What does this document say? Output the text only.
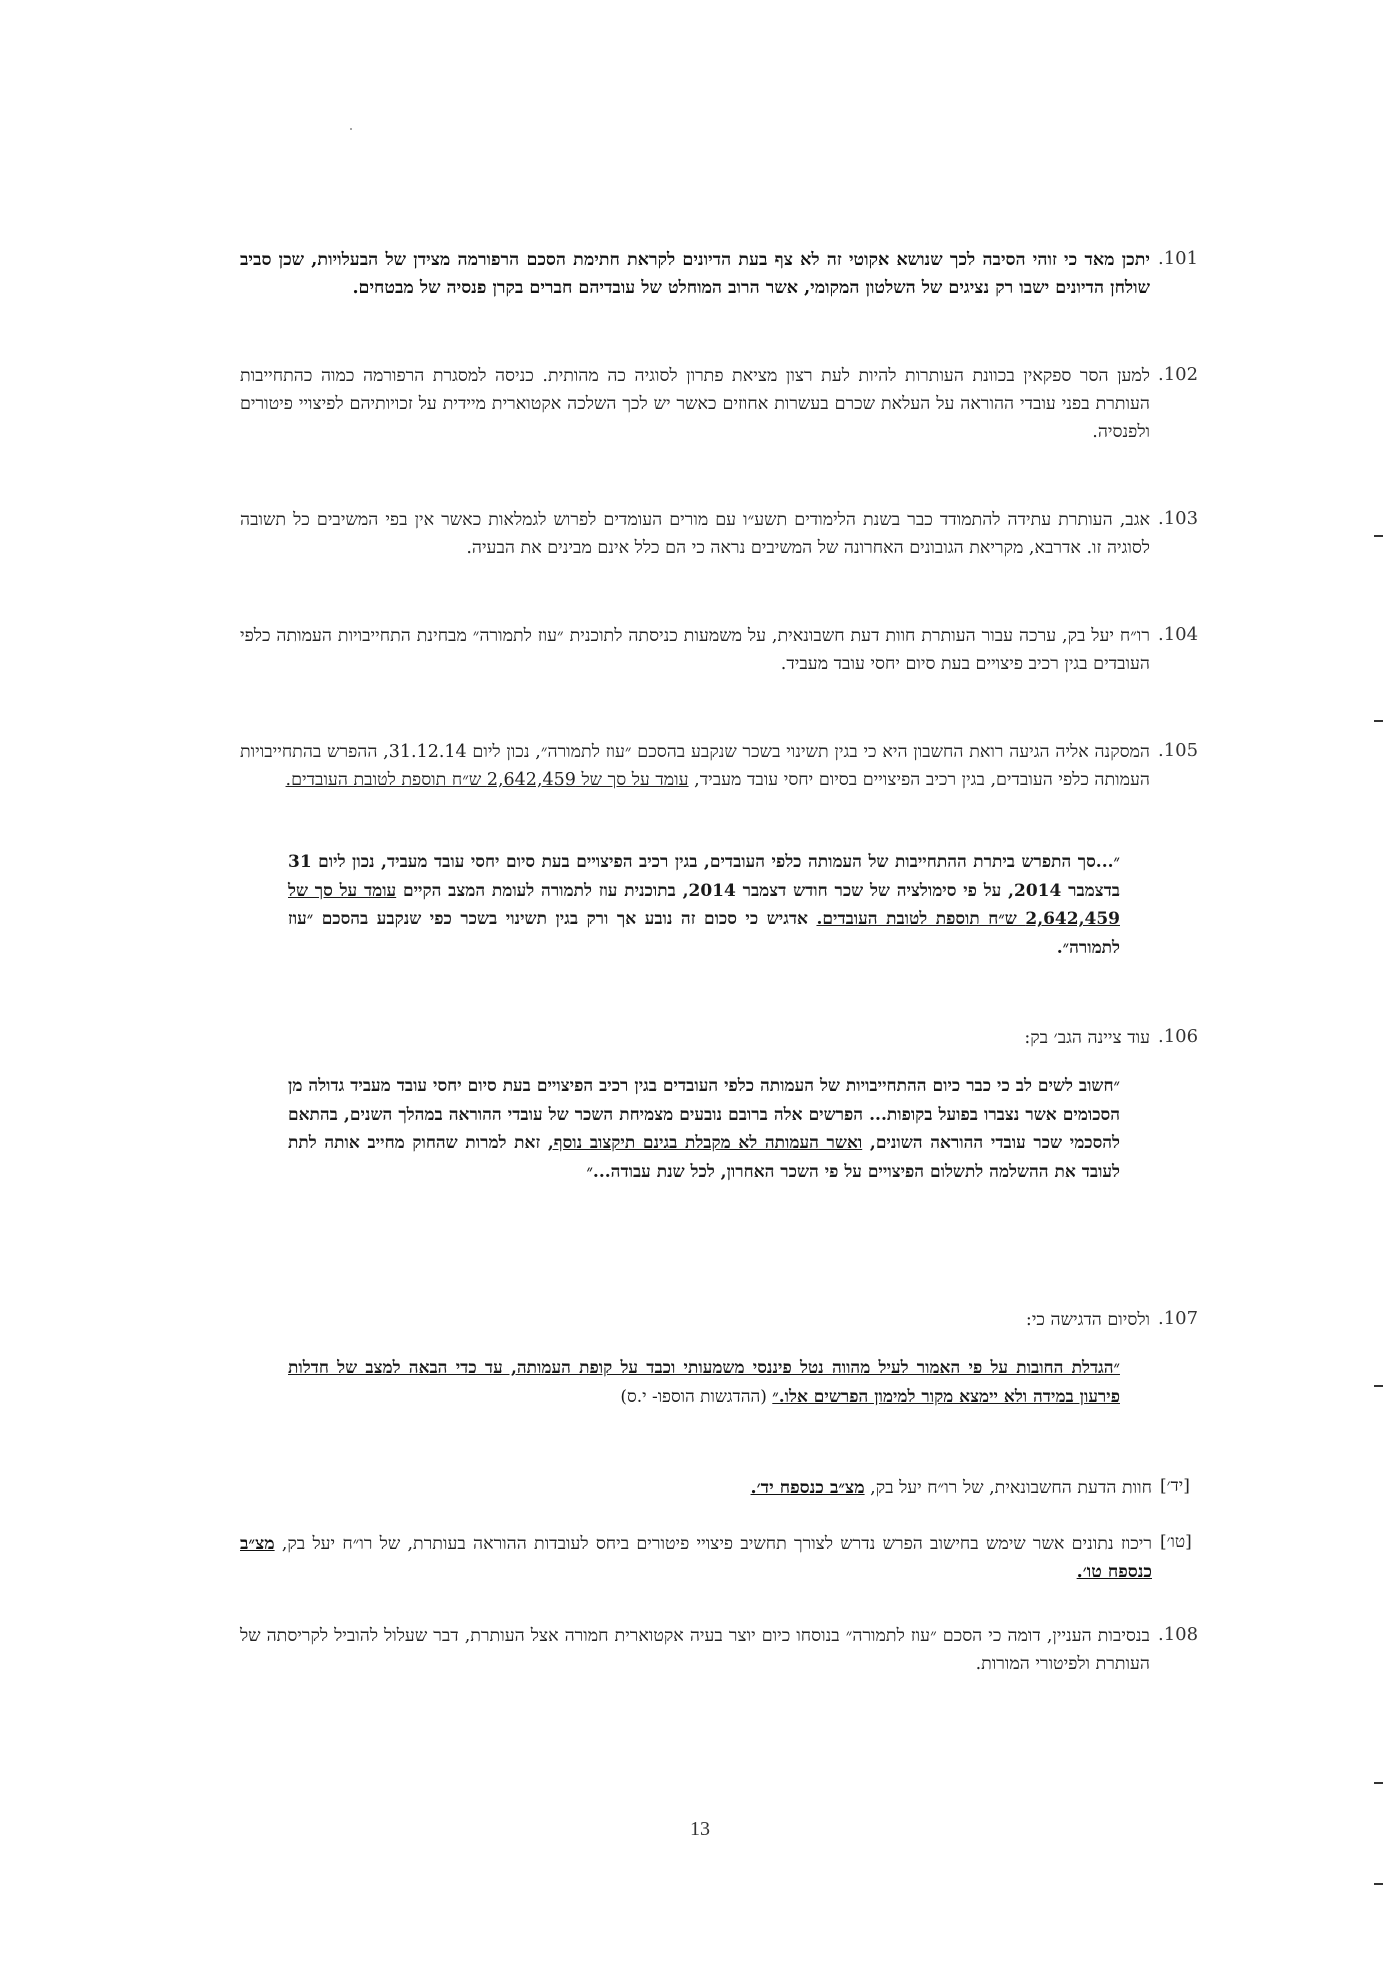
.101
יתכן מאד כי זוהי הסיבה לכך שנושא אקוטי זה לא צף בעת הדיונים לקראת חתימת הסכם הרפורמה מצידן של הבעלויות, שכן סביב שולחן הדיונים ישבו רק נציגים של השלטון המקומי, אשר הרוב המוחלט של עובדיהם חברים בקרן פנסיה של מבטחים.
.102
למען הסר ספקאין בכוונת העותרות להיות לעת רצון מציאת פתרון לסוגיה כה מהותית. כניסה למסגרת הרפורמה כמוה כהתחייבות העותרת בפני עובדי ההוראה על העלאת שכרם בעשרות אחוזים כאשר יש לכך השלכה אקטוארית מיידית על זכויותיהם לפיצויי פיטורים ולפנסיה.
.103
אגב, העותרת עתידה להתמודד כבר בשנת הלימודים תשע״ו עם מורים העומדים לפרוש לגמלאות כאשר אין בפי המשיבים כל תשובה לסוגיה זו. אדרבא, מקריאת הגובונים האחרונה של המשיבים נראה כי הם כלל אינם מבינים את הבעיה.
.104
רו״ח יעל בק, ערכה עבור העותרת חוות דעת חשבונאית, על משמעות כניסתה לתוכנית ״עוז לתמורה״ מבחינת התחייבויות העמותה כלפי העובדים בגין רכיב פיצויים בעת סיום יחסי עובד מעביד.
.105
המסקנה אליה הגיעה רואת החשבון היא כי בגין תשינוי בשכר שנקבע בהסכם ״עוז לתמורה״, נכון ליום 31.12.14, ההפרש בהתחייבויות העמותה כלפי העובדים, בגין רכיב הפיצויים בסיום יחסי עובד מעביד, עומד על סך של 2,642,459 ש״ח תוספת לטובת העובדים.
״...סך התפרש ביתרת ההתחייבות של העמותה כלפי העובדים, בגין רכיב הפיצויים בעת סיום יחסי עובד מעביד, נכון ליום 31 בדצמבר 2014, על פי סימולציה של שכר חודש דצמבר 2014, בתוכנית עוז לתמורה לעומת המצב הקיים עומד על סך של 2,642,459 ש״ח תוספת לטובת העובדים. אדגיש כי סכום זה נובע אך ורק בגין תשינוי בשכר כפי שנקבע בהסכם ״עוז לתמורה״.
.106
עוד ציינה הגב׳ בק:
״חשוב לשים לב כי כבר כיום ההתחייבויות של העמותה כלפי העובדים בגין רכיב הפיצויים בעת סיום יחסי עובד מעביד גדולה מן הסכומים אשר נצברו בפועל בקופות... הפרשים אלה ברובם נובעים מצמיחת השכר של עובדי ההוראה במהלך השנים, בהתאם להסכמי שכר עובדי ההוראה השונים, ואשר העמותה לא מקבלת בגינם תיקצוב נוסף, זאת למרות שהחוק מחייב אותה לתת לעובד את ההשלמה לתשלום הפיצויים על פי השכר האחרון, לכל שנת עבודה...״
.107
ולסיום הדגישה כי:
״הגדלת החובות על פי האמור לעיל מהווה נטל פיננסי משמעותי וכבד על קופת העמותה, עד כדי הבאה למצב של חדלות פירעון במידה ולא יימצא מקור למימון הפרשים אלו.״ (ההדגשות הוספו- י.ס)
[יד׳]
חוות הדעת החשבונאית, של רו״ח יעל בק, מצ״ב כנספח יד׳.
[טו׳]
ריכוז נתונים אשר שימש בחישוב הפרש נדרש לצורך תחשיב פיצויי פיטורים ביחס לעובדות ההוראה בעותרת, של רו״ח יעל בק, מצ״ב כנספח טו׳.
.108
בנסיבות העניין, דומה כי הסכם ״עוז לתמורה״ בנוסחו כיום יוצר בעיה אקטוארית חמורה אצל העותרת, דבר שעלול להוביל לקריסתה של העותרת ולפיטורי המורות.
13
